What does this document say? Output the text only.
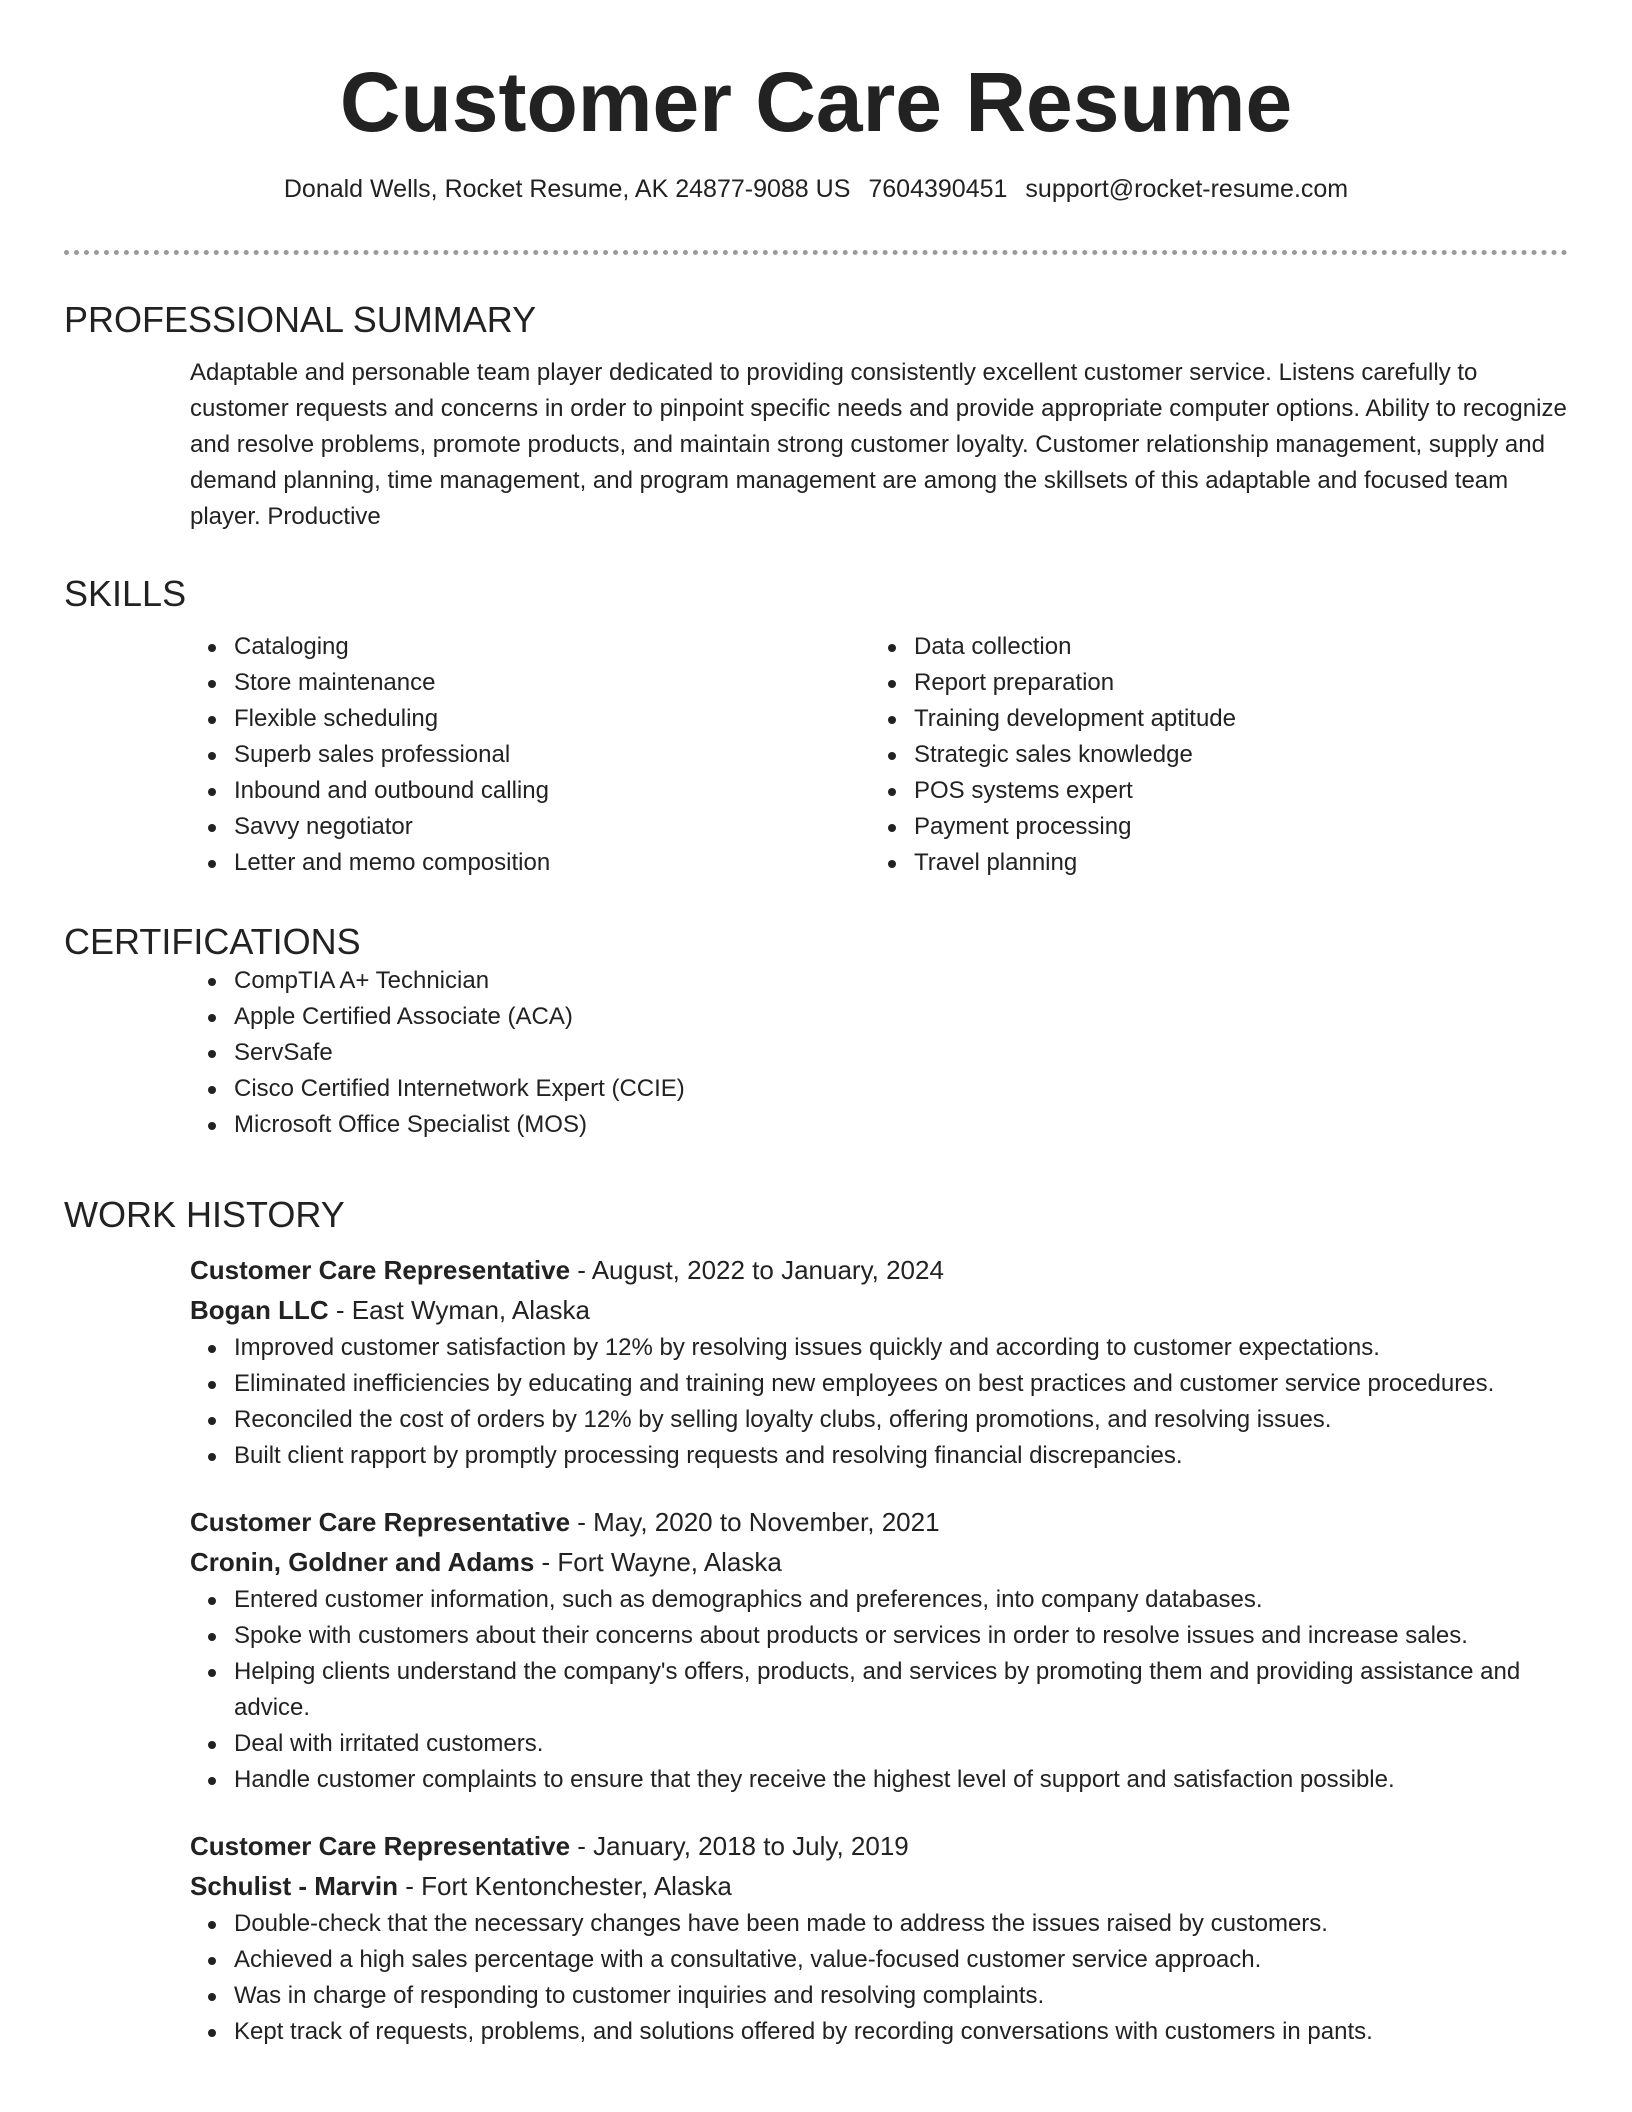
Customer Care Resume
Donald Wells, Rocket Resume, AK 24877-9088 US 7604390451 support@rocket-resume.com
PROFESSIONAL SUMMARY

Adaptable and personable team player dedicated to providing consistently excellent customer service. Listens carefully to customer requests and concerns in order to pinpoint specific needs and provide appropriate computer options. Ability to recognize and resolve problems, promote products, and maintain strong customer loyalty. Customer relationship management, supply and demand planning, time management, and program management are among the skillsets of this adaptable and focused team player. Productive

SKILLS
Cataloging
Store maintenance
Flexible scheduling
Superb sales professional
Inbound and outbound calling
Savvy negotiator
Letter and memo composition
Data collection
Report preparation
Training development aptitude
Strategic sales knowledge
POS systems expert
Payment processing
Travel planning
CERTIFICATIONS
CompTIA A+ Technician
Apple Certified Associate (ACA)
ServSafe
Cisco Certified Internetwork Expert (CCIE)
Microsoft Office Specialist (MOS)
WORK HISTORY
Customer Care Representative - August, 2022 to January, 2024
Bogan LLC - East Wyman, Alaska
Improved customer satisfaction by 12% by resolving issues quickly and according to customer expectations.
Eliminated inefficiencies by educating and training new employees on best practices and customer service procedures.
Reconciled the cost of orders by 12% by selling loyalty clubs, offering promotions, and resolving issues.
Built client rapport by promptly processing requests and resolving financial discrepancies.
Customer Care Representative - May, 2020 to November, 2021
Cronin, Goldner and Adams - Fort Wayne, Alaska
Entered customer information, such as demographics and preferences, into company databases.
Spoke with customers about their concerns about products or services in order to resolve issues and increase sales.
Helping clients understand the company's offers, products, and services by promoting them and providing assistance and advice.
Deal with irritated customers.
Handle customer complaints to ensure that they receive the highest level of support and satisfaction possible.
Customer Care Representative - January, 2018 to July, 2019
Schulist - Marvin - Fort Kentonchester, Alaska
Double-check that the necessary changes have been made to address the issues raised by customers.
Achieved a high sales percentage with a consultative, value-focused customer service approach.
Was in charge of responding to customer inquiries and resolving complaints.
Kept track of requests, problems, and solutions offered by recording conversations with customers in pants.
